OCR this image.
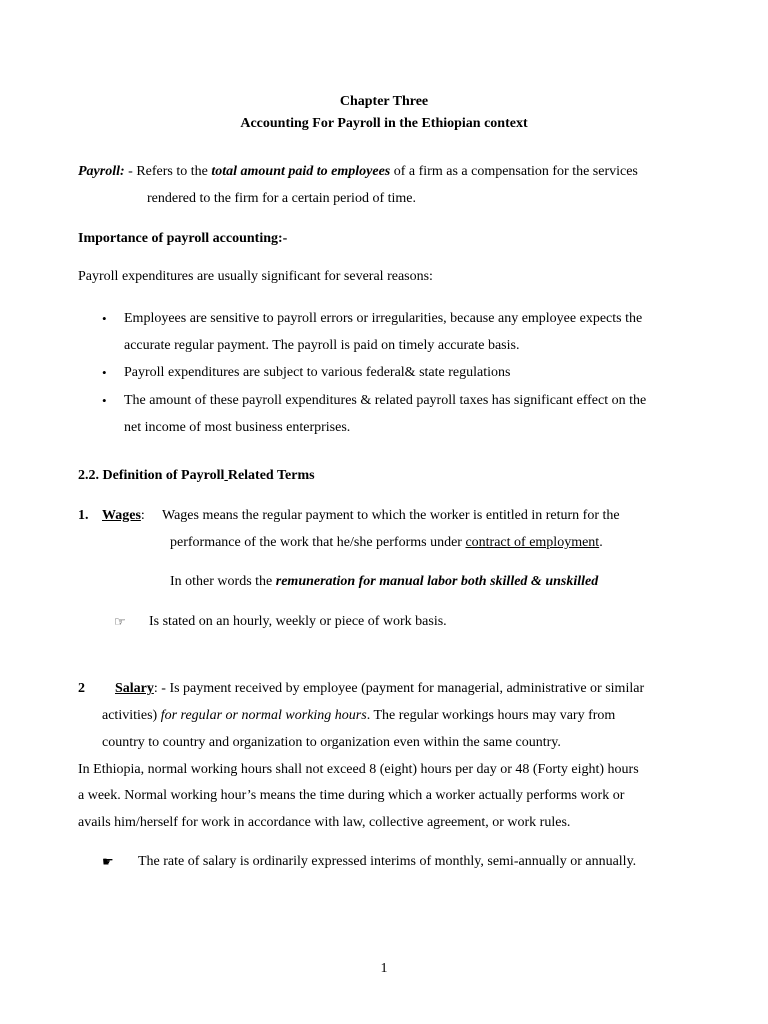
Chapter Three
Accounting For Payroll in the Ethiopian context
Payroll: - Refers to the total amount paid to employees of a firm as a compensation for the services
rendered to the firm for a certain period of time.
Importance of payroll accounting:-
Payroll expenditures are usually significant for several reasons:
• Employees are sensitive to payroll errors or irregularities, because any employee expects the
accurate regular payment. The payroll is paid on timely accurate basis.
• Payroll expenditures are subject to various federal& state regulations
• The amount of these payroll expenditures & related payroll taxes has significant effect on the
net income of most business enterprises.
2.2. Definition of Payroll Related Terms
1. Wages: Wages means the regular payment to which the worker is entitled in return for the
performance of the work that he/she performs under contract of employment.
In other words the remuneration for manual labor both skilled & unskilled
☞ Is stated on an hourly, weekly or piece of work basis.
2 Salary: - Is payment received by employee (payment for managerial, administrative or similar
activities) for regular or normal working hours. The regular workings hours may vary from
country to country and organization to organization even within the same country.
In Ethiopia, normal working hours shall not exceed 8 (eight) hours per day or 48 (Forty eight) hours
a week. Normal working hour’s means the time during which a worker actually performs work or
avails him/herself for work in accordance with law, collective agreement, or work rules.
☛ The rate of salary is ordinarily expressed interims of monthly, semi-annually or annually.
1
